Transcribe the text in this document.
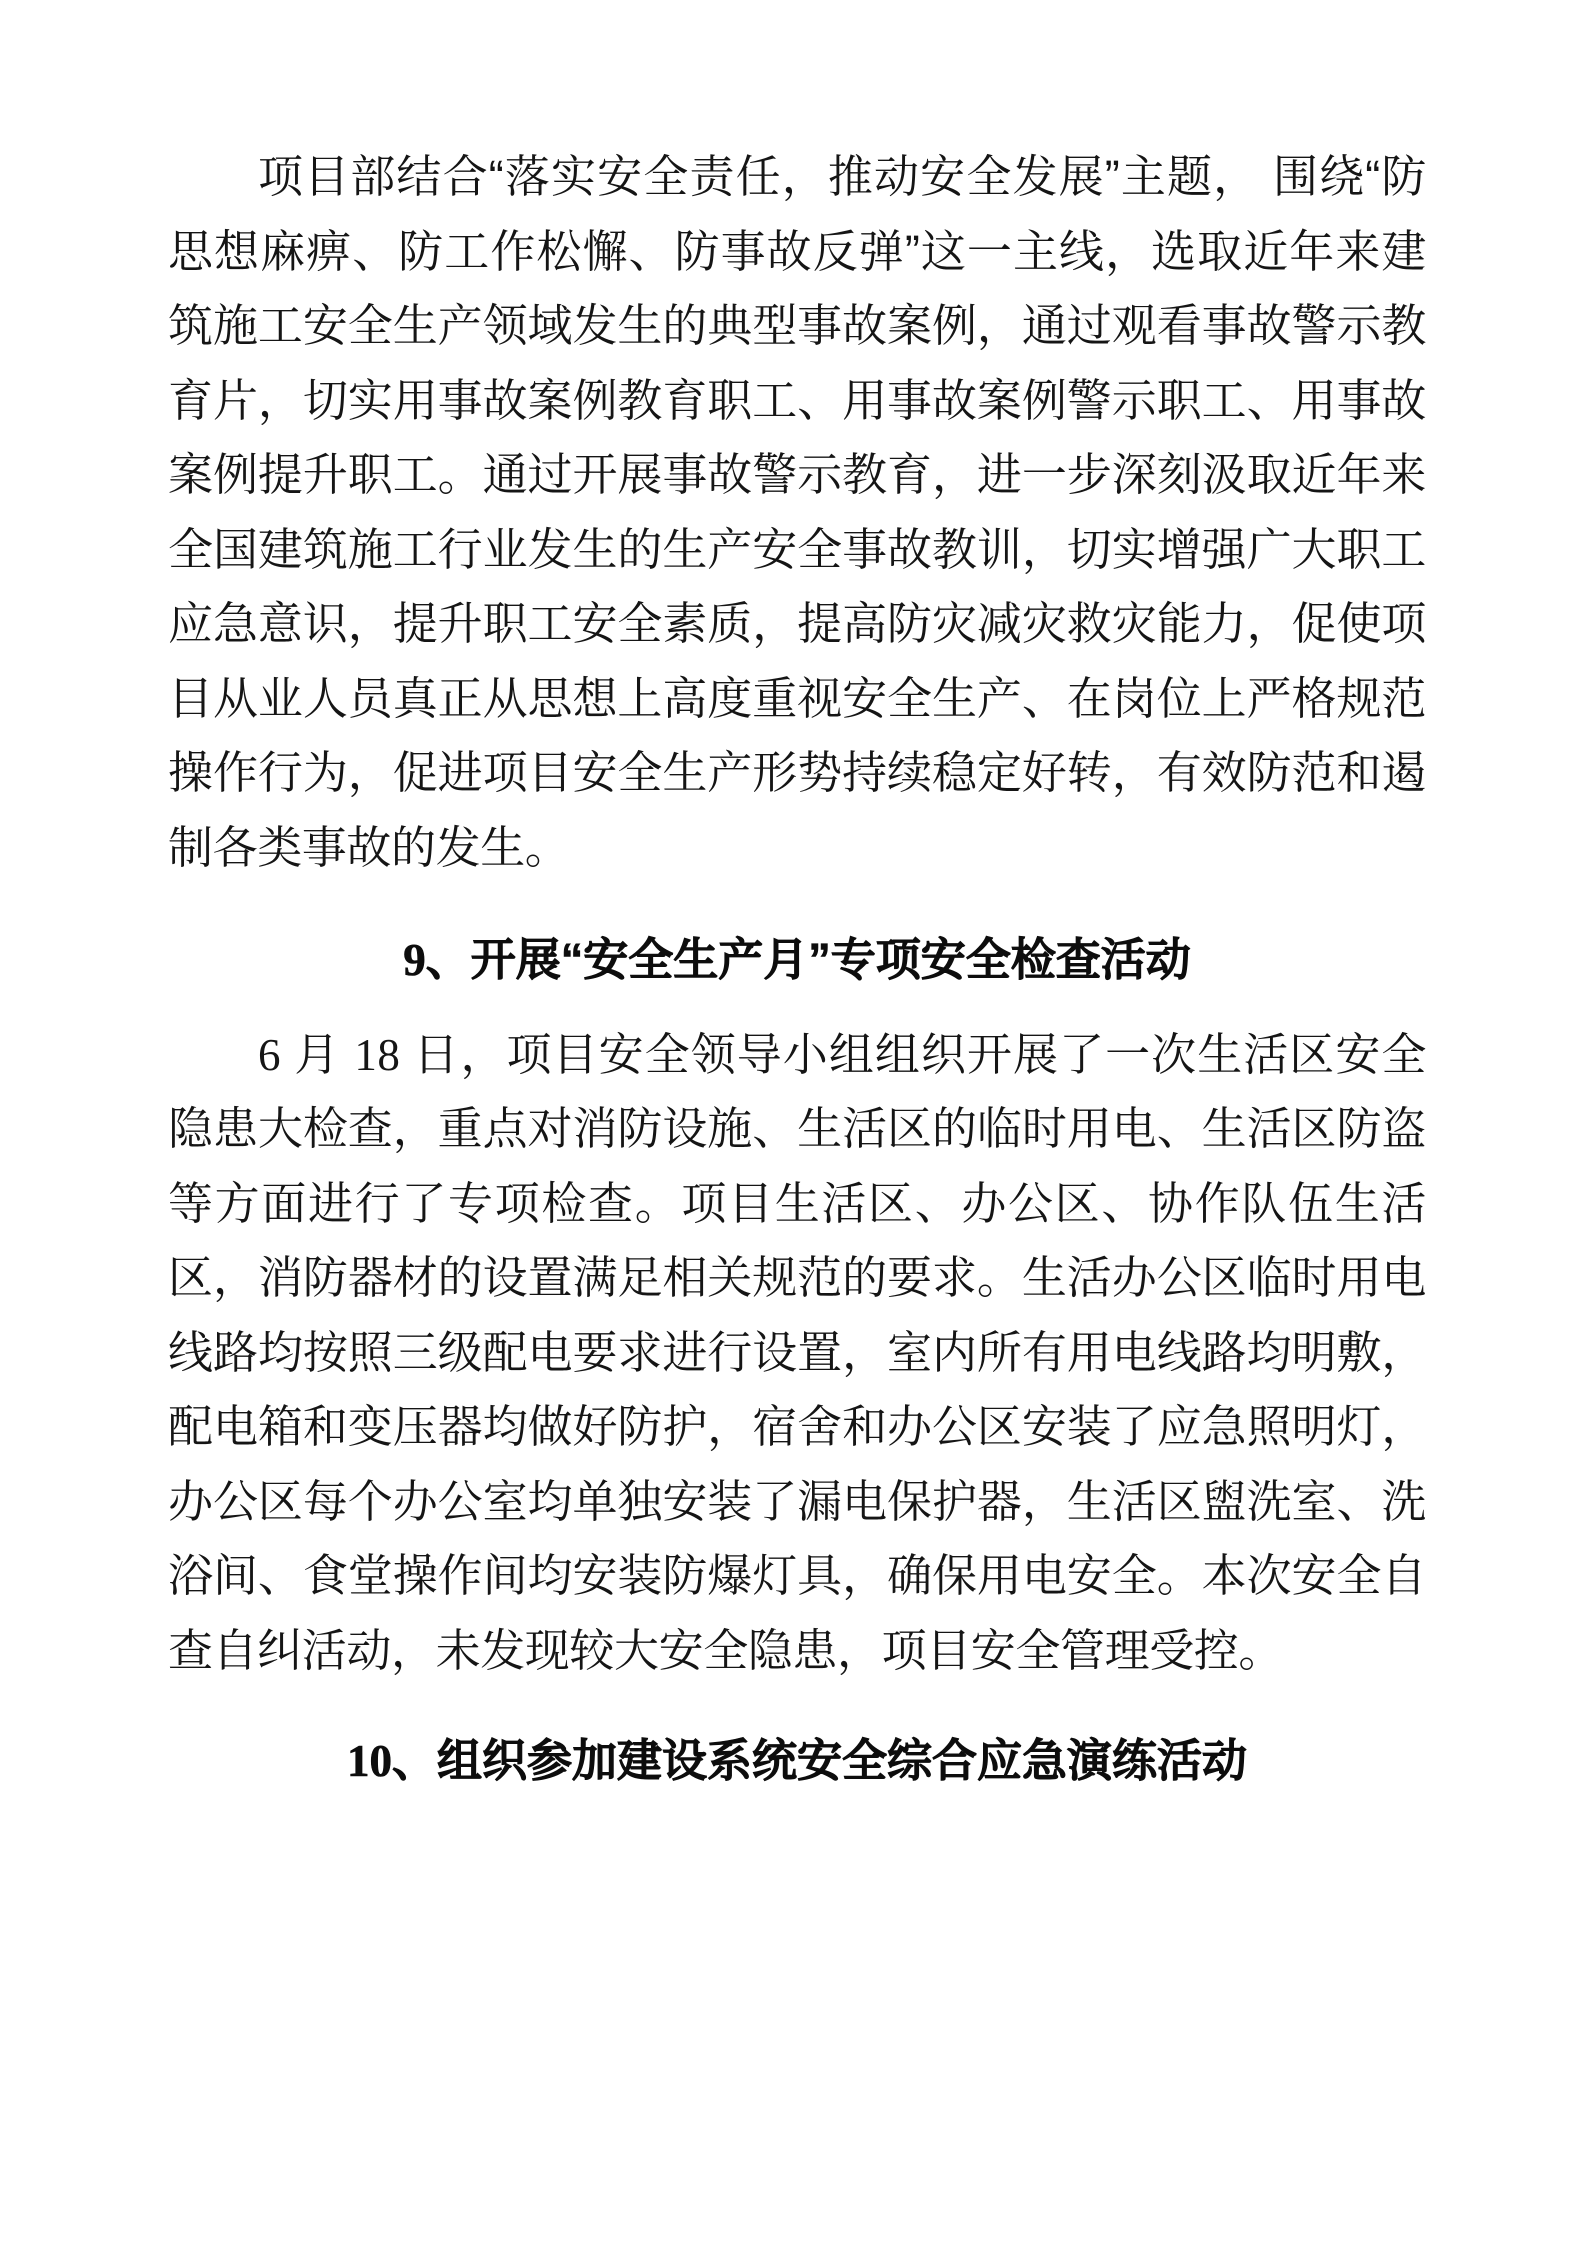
项目部结合“落实安全责任，推动安全发展”主题， 围绕“防思想麻痹、防工作松懈、防事故反弹”这一主线，选取近年来建筑施工安全生产领域发生的典型事故案例，通过观看事故警示教育片，切实用事故案例教育职工、用事故案例警示职工、用事故案例提升职工。通过开展事故警示教育，进一步深刻汲取近年来全国建筑施工行业发生的生产安全事故教训，切实增强广大职工应急意识，提升职工安全素质，提高防灾减灾救灾能力，促使项目从业人员真正从思想上高度重视安全生产、在岗位上严格规范操作行为，促进项目安全生产形势持续稳定好转，有效防范和遏制各类事故的发生。

9、开展“安全生产月”专项安全检查活动

6 月 18 日，项目安全领导小组组织开展了一次生活区安全隐患大检查，重点对消防设施、生活区的临时用电、生活区防盗等方面进行了专项检查。项目生活区、办公区、协作队伍生活区，消防器材的设置满足相关规范的要求。生活办公区临时用电线路均按照三级配电要求进行设置，室内所有用电线路均明敷，配电箱和变压器均做好防护，宿舍和办公区安装了应急照明灯，办公区每个办公室均单独安装了漏电保护器，生活区盥洗室、洗浴间、食堂操作间均安装防爆灯具，确保用电安全。本次安全自查自纠活动，未发现较大安全隐患，项目安全管理受控。

10、组织参加建设系统安全综合应急演练活动
